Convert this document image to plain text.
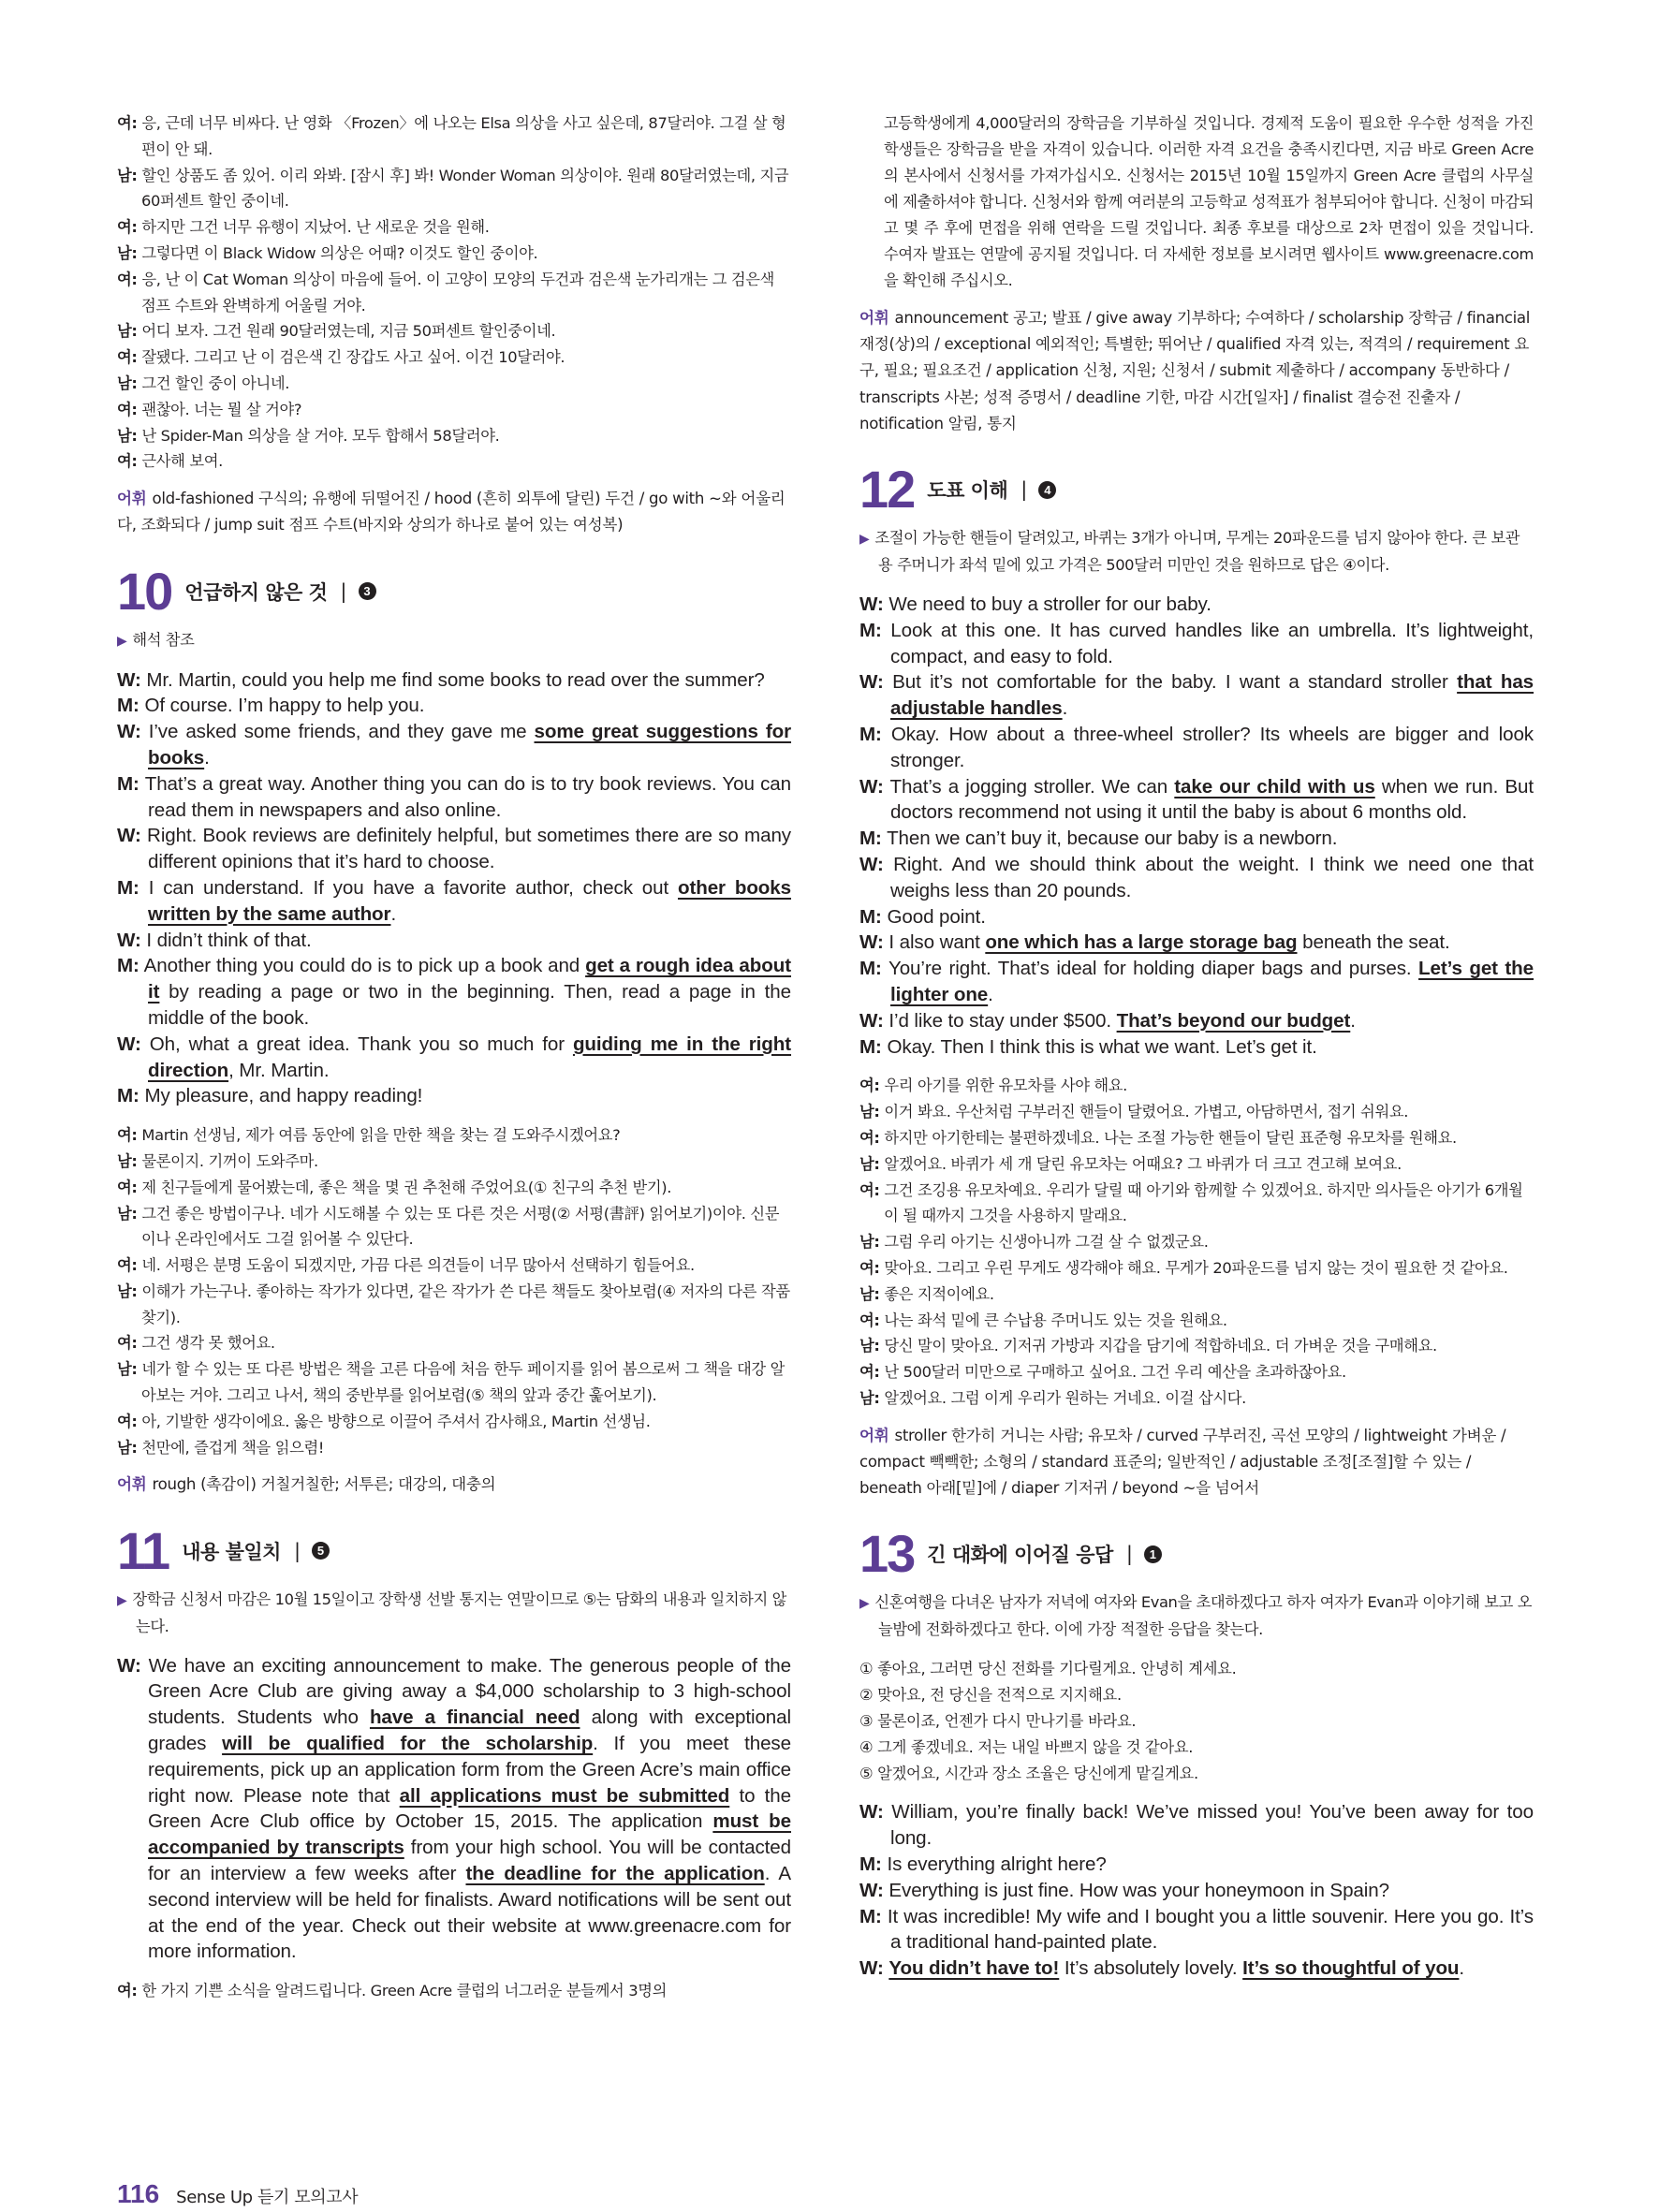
여: 응, 근데 너무 비싸다. 난 영화 〈Frozen〉에 나오는 Elsa 의상을 사고 싶은데, 87달러야. 그걸 살 형편이 안 돼.

남: 할인 상품도 좀 있어. 이리 와봐. [잠시 후] 봐! Wonder Woman 의상이야. 원래 80달러였는데, 지금 60퍼센트 할인 중이네.

여: 하지만 그건 너무 유행이 지났어. 난 새로운 것을 원해.

남: 그렇다면 이 Black Widow 의상은 어때? 이것도 할인 중이야.

여: 응, 난 이 Cat Woman 의상이 마음에 들어. 이 고양이 모양의 두건과 검은색 눈가리개는 그 검은색 점프 수트와 완벽하게 어울릴 거야.

남: 어디 보자. 그건 원래 90달러였는데, 지금 50퍼센트 할인중이네.

여: 잘됐다. 그리고 난 이 검은색 긴 장갑도 사고 싶어. 이건 10달러야.

남: 그건 할인 중이 아니네.

여: 괜찮아. 너는 뭘 살 거야?

남: 난 Spider-Man 의상을 살 거야. 모두 합해서 58달러야.

여: 근사해 보여.

어휘 old-fashioned 구식의; 유행에 뒤떨어진 / hood (흔히 외투에 달린) 두건 / go with ~와 어울리다, 조화되다 / jump suit 점프 수트(바지와 상의가 하나로 붙어 있는 여성복)

10 언급하지 않은 것 |	3

▶ 해석 참조

W: Mr. Martin, could you help me find some books to read over the summer?

M: Of course. I’m happy to help you.

W: I’ve asked some friends, and they gave me some great suggestions for books.

M: That’s a great way. Another thing you can do is to try book reviews. You can read them in newspapers and also online.

W: Right. Book reviews are definitely helpful, but sometimes there are so many different opinions that it’s hard to choose.

M: I can understand. If you have a favorite author, check out other books written by the same author.

W: I didn’t think of that.

M: Another thing you could do is to pick up a book and get a rough idea about it by reading a page or two in the beginning. Then, read a page in the middle of the book.

W: Oh, what a great idea. Thank you so much for guiding me in the right direction, Mr. Martin.

M: My pleasure, and happy reading!

여: Martin 선생님, 제가 여름 동안에 읽을 만한 책을 찾는 걸 도와주시겠어요?

남: 물론이지. 기꺼이 도와주마.

여: 제 친구들에게 물어봤는데, 좋은 책을 몇 권 추천해 주었어요(① 친구의 추천 받기).

남: 그건 좋은 방법이구나. 네가 시도해볼 수 있는 또 다른 것은 서평(② 서평(書評) 읽어보기)이야. 신문이나 온라인에서도 그걸 읽어볼 수 있단다.

여: 네. 서평은 분명 도움이 되겠지만, 가끔 다른 의견들이 너무 많아서 선택하기 힘들어요.

남: 이해가 가는구나. 좋아하는 작가가 있다면, 같은 작가가 쓴 다른 책들도 찾아보렴(④ 저자의 다른 작품 찾기).

여: 그건 생각 못 했어요.

남: 네가 할 수 있는 또 다른 방법은 책을 고른 다음에 처음 한두 페이지를 읽어 봄으로써 그 책을 대강 알아보는 거야. 그리고 나서, 책의 중반부를 읽어보렴(⑤ 책의 앞과 중간 훑어보기).

여: 아, 기발한 생각이에요. 옳은 방향으로 이끌어 주셔서 감사해요, Martin 선생님.

남: 천만에, 즐겁게 책을 읽으렴!

어휘 rough (촉감이) 거칠거칠한; 서투른; 대강의, 대충의

11 내용 불일치 |	5

▶ 장학금 신청서 마감은 10월 15일이고 장학생 선발 통지는 연말이므로 ⑤는 담화의 내용과 일치하지 않는다.

W: We have an exciting announcement to make. The generous people of the Green Acre Club are giving away a $4,000 scholarship to 3 high-school students. Students who have a financial need along with exceptional grades will be qualified for the scholarship. If you meet these requirements, pick up an application form from the Green Acre’s main office right now. Please note that all applications must be submitted to the Green Acre Club office by October 15, 2015. The application must be accompanied by transcripts from your high school. You will be contacted for an interview a few weeks after the deadline for the application. A second interview will be held for finalists. Award notifications will be sent out at the end of the year. Check out their website at www.greenacre.com for more information.

여: 한 가지 기쁜 소식을 알려드립니다. Green Acre 클럽의 너그러운 분들께서 3명의

고등학생에게 4,000달러의 장학금을 기부하실 것입니다. 경제적 도움이 필요한 우수한 성적을 가진 학생들은 장학금을 받을 자격이 있습니다. 이러한 자격 요건을 충족시킨다면, 지금 바로 Green Acre의 본사에서 신청서를 가져가십시오. 신청서는 2015년 10월 15일까지 Green Acre 클럽의 사무실에 제출하셔야 합니다. 신청서와 함께 여러분의 고등학교 성적표가 첨부되어야 합니다. 신청이 마감되고 몇 주 후에 면접을 위해 연락을 드릴 것입니다. 최종 후보를 대상으로 2차 면접이 있을 것입니다. 수여자 발표는 연말에 공지될 것입니다. 더 자세한 정보를 보시려면 웹사이트 www.greenacre.com을 확인해 주십시오.

어휘 announcement 공고; 발표 / give away 기부하다; 수여하다 / scholarship 장학금 / financial 재정(상)의 / exceptional 예외적인; 특별한; 뛰어난 / qualified 자격 있는, 적격의 / requirement 요구, 필요; 필요조건 / application 신청, 지원; 신청서 / submit 제출하다 / accompany 동반하다 / transcripts 사본; 성적 증명서 / deadline 기한, 마감 시간[일자] / finalist 결승전 진출자 / notification 알림, 통지

12 도표 이해 |	4

▶ 조절이 가능한 핸들이 달려있고, 바퀴는 3개가 아니며, 무게는 20파운드를 넘지 않아야 한다. 큰 보관용 주머니가 좌석 밑에 있고 가격은 500달러 미만인 것을 원하므로 답은 ④이다.

W: We need to buy a stroller for our baby.

M: Look at this one. It has curved handles like an umbrella. It’s lightweight, compact, and easy to fold.

W: But it’s not comfortable for the baby. I want a standard stroller that has adjustable handles.

M: Okay. How about a three-wheel stroller? Its wheels are bigger and look stronger.

W: That’s a jogging stroller. We can take our child with us when we run. But doctors recommend not using it until the baby is about 6 months old.

M: Then we can’t buy it, because our baby is a newborn.

W: Right. And we should think about the weight. I think we need one that weighs less than 20 pounds.

M: Good point.

W: I also want one which has a large storage bag beneath the seat.

M: You’re right. That’s ideal for holding diaper bags and purses. Let’s get the lighter one.

W: I’d like to stay under $500. That’s beyond our budget.

M: Okay. Then I think this is what we want. Let’s get it.

여: 우리 아기를 위한 유모차를 사야 해요.

남: 이거 봐요. 우산처럼 구부러진 핸들이 달렸어요. 가볍고, 아담하면서, 접기 쉬워요.

여: 하지만 아기한테는 불편하겠네요. 나는 조절 가능한 핸들이 달린 표준형 유모차를 원해요.

남: 알겠어요. 바퀴가 세 개 달린 유모차는 어때요? 그 바퀴가 더 크고 견고해 보여요.

여: 그건 조깅용 유모차예요. 우리가 달릴 때 아기와 함께할 수 있겠어요. 하지만 의사들은 아기가 6개월이 될 때까지 그것을 사용하지 말래요.

남: 그럼 우리 아기는 신생아니까 그걸 살 수 없겠군요.

여: 맞아요. 그리고 우린 무게도 생각해야 해요. 무게가 20파운드를 넘지 않는 것이 필요한 것 같아요.

남: 좋은 지적이에요.

여: 나는 좌석 밑에 큰 수납용 주머니도 있는 것을 원해요.

남: 당신 말이 맞아요. 기저귀 가방과 지갑을 담기에 적합하네요. 더 가벼운 것을 구매해요.

여: 난 500달러 미만으로 구매하고 싶어요. 그건 우리 예산을 초과하잖아요.

남: 알겠어요. 그럼 이게 우리가 원하는 거네요. 이걸 삽시다.

어휘 stroller 한가히 거니는 사람; 유모차 / curved 구부러진, 곡선 모양의 / lightweight 가벼운 / compact 빽빽한; 소형의 / standard 표준의; 일반적인 / adjustable 조정[조절]할 수 있는 / beneath 아래[밑]에 / diaper 기저귀 / beyond ~을 넘어서

13 긴 대화에 이어질 응답 |	1

▶ 신혼여행을 다녀온 남자가 저녁에 여자와 Evan을 초대하겠다고 하자 여자가 Evan과 이야기해 보고 오늘밤에 전화하겠다고 한다. 이에 가장 적절한 응답을 찾는다.

① 좋아요, 그러면 당신 전화를 기다릴게요. 안녕히 계세요.

② 맞아요, 전 당신을 전적으로 지지해요.

③ 물론이죠, 언젠가 다시 만나기를 바라요.

④ 그게 좋겠네요. 저는 내일 바쁘지 않을 것 같아요.

⑤ 알겠어요, 시간과 장소 조율은 당신에게 맡길게요.

W: William, you’re finally back! We’ve missed you! You’ve been away for too long.

M: Is everything alright here?

W: Everything is just fine. How was your honeymoon in Spain?

M: It was incredible! My wife and I bought you a little souvenir. Here you go. It’s a traditional hand-painted plate.

W: You didn’t have to! It’s absolutely lovely. It’s so thoughtful of you.

116 Sense Up 듣기 모의고사
